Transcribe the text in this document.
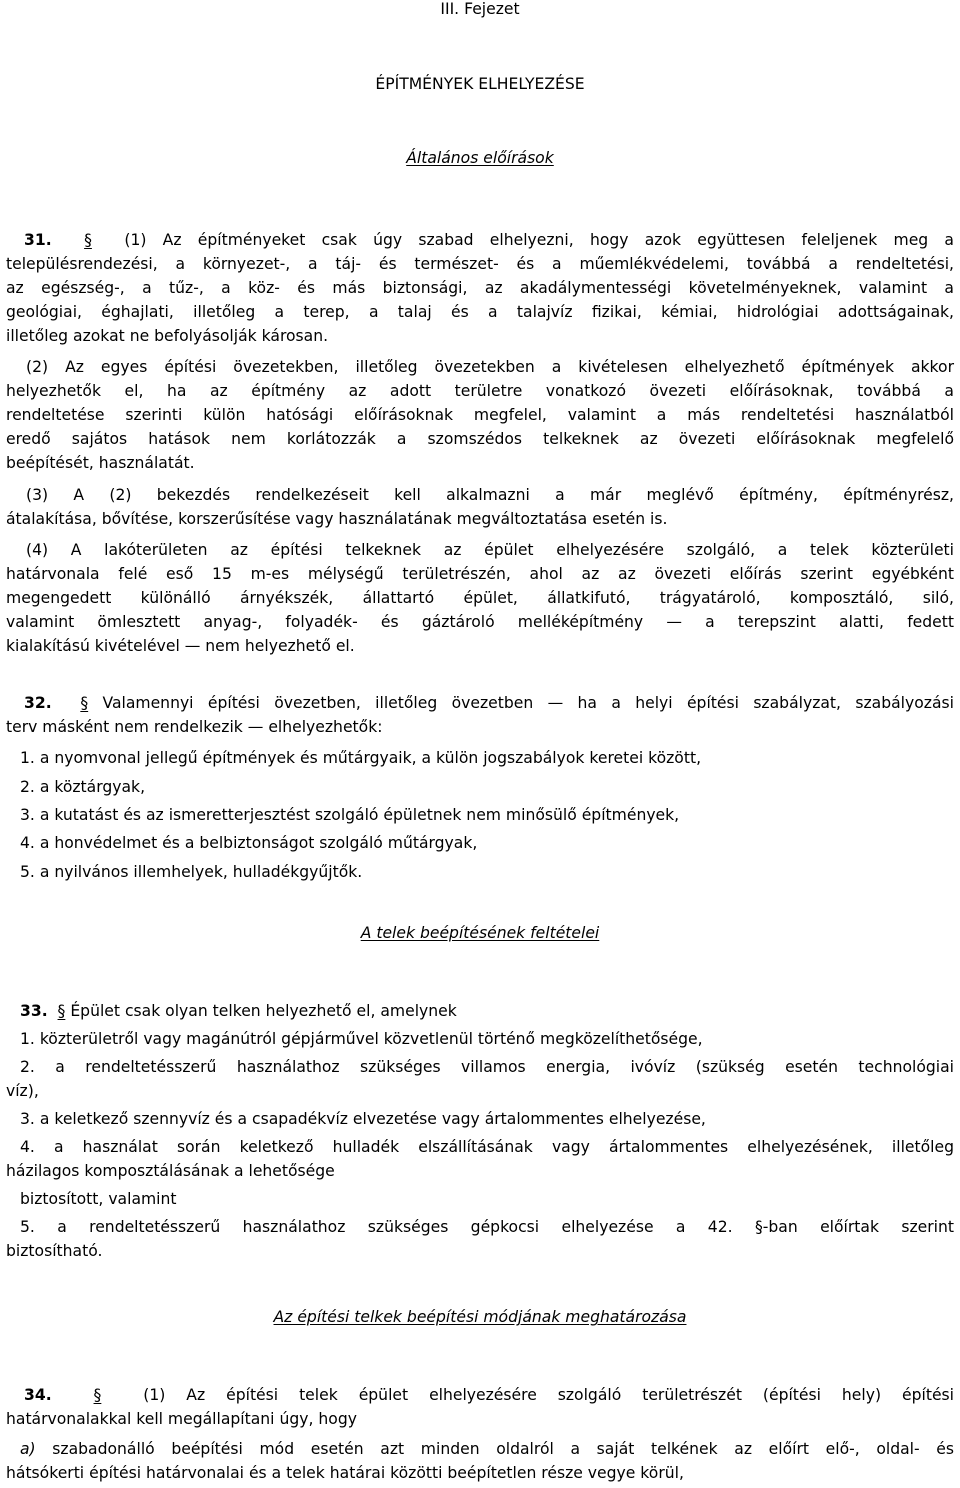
III. Fejezet
ÉPÍTMÉNYEK ELHELYEZÉSE
Általános előírások
31. § (1) Az építményeket csak úgy szabad elhelyezni, hogy azok együttesen feleljenek meg a
településrendezési, a környezet-, a táj- és természet- és a műemlékvédelemi, továbbá a rendeltetési,
az egészség-, a tűz-, a köz- és más biztonsági, az akadálymentességi követelményeknek, valamint a
geológiai, éghajlati, illetőleg a terep, a talaj és a talajvíz fizikai, kémiai, hidrológiai adottságainak,
illetőleg azokat ne befolyásolják károsan.
(2) Az egyes építési övezetekben, illetőleg övezetekben a kivételesen elhelyezhető építmények akkor
helyezhetők el, ha az építmény az adott területre vonatkozó övezeti előírásoknak, továbbá a
rendeltetése szerinti külön hatósági előírásoknak megfelel, valamint a más rendeltetési használatból
eredő sajátos hatások nem korlátozzák a szomszédos telkeknek az övezeti előírásoknak megfelelő
beépítését, használatát.
(3) A (2) bekezdés rendelkezéseit kell alkalmazni a már meglévő építmény, építményrész,
átalakítása, bővítése, korszerűsítése vagy használatának megváltoztatása esetén is.
(4) A lakóterületen az építési telkeknek az épület elhelyezésére szolgáló, a telek közterületi
határvonala felé eső 15 m-es mélységű területrészén, ahol az az övezeti előírás szerint egyébként
megengedett különálló árnyékszék, állattartó épület, állatkifutó, trágyatároló, komposztáló, siló,
valamint ömlesztett anyag-, folyadék- és gáztároló melléképítmény — a terepszint alatti, fedett
kialakítású kivételével — nem helyezhető el.
32. § Valamennyi építési övezetben, illetőleg övezetben — ha a helyi építési szabályzat, szabályozási
terv másként nem rendelkezik — elhelyezhetők:
1. a nyomvonal jellegű építmények és műtárgyaik, a külön jogszabályok keretei között,
2. a köztárgyak,
3. a kutatást és az ismeretterjesztést szolgáló épületnek nem minősülő építmények,
4. a honvédelmet és a belbiztonságot szolgáló műtárgyak,
5. a nyilvános illemhelyek, hulladékgyűjtők.
A telek beépítésének feltételei
33. § Épület csak olyan telken helyezhető el, amelynek
1. közterületről vagy magánútról gépjárművel közvetlenül történő megközelíthetősége,
2. a rendeltetésszerű használathoz szükséges villamos energia, ivóvíz (szükség esetén technológiai
víz),
3. a keletkező szennyvíz és a csapadékvíz elvezetése vagy ártalommentes elhelyezése,
4. a használat során keletkező hulladék elszállításának vagy ártalommentes elhelyezésének, illetőleg
házilagos komposztálásának a lehetősége
biztosított, valamint
5. a rendeltetésszerű használathoz szükséges gépkocsi elhelyezése a 42. §-ban előírtak szerint
biztosítható.
Az építési telkek beépítési módjának meghatározása
34.	§	(1) Az építési telek épület elhelyezésére szolgáló területrészét (építési hely) építési
határvonalakkal kell megállapítani úgy, hogy
a) szabadonálló beépítési mód esetén azt minden oldalról a saját telkének az előírt elő-, oldal- és
hátsókerti építési határvonalai és a telek határai közötti beépítetlen része vegye körül,
